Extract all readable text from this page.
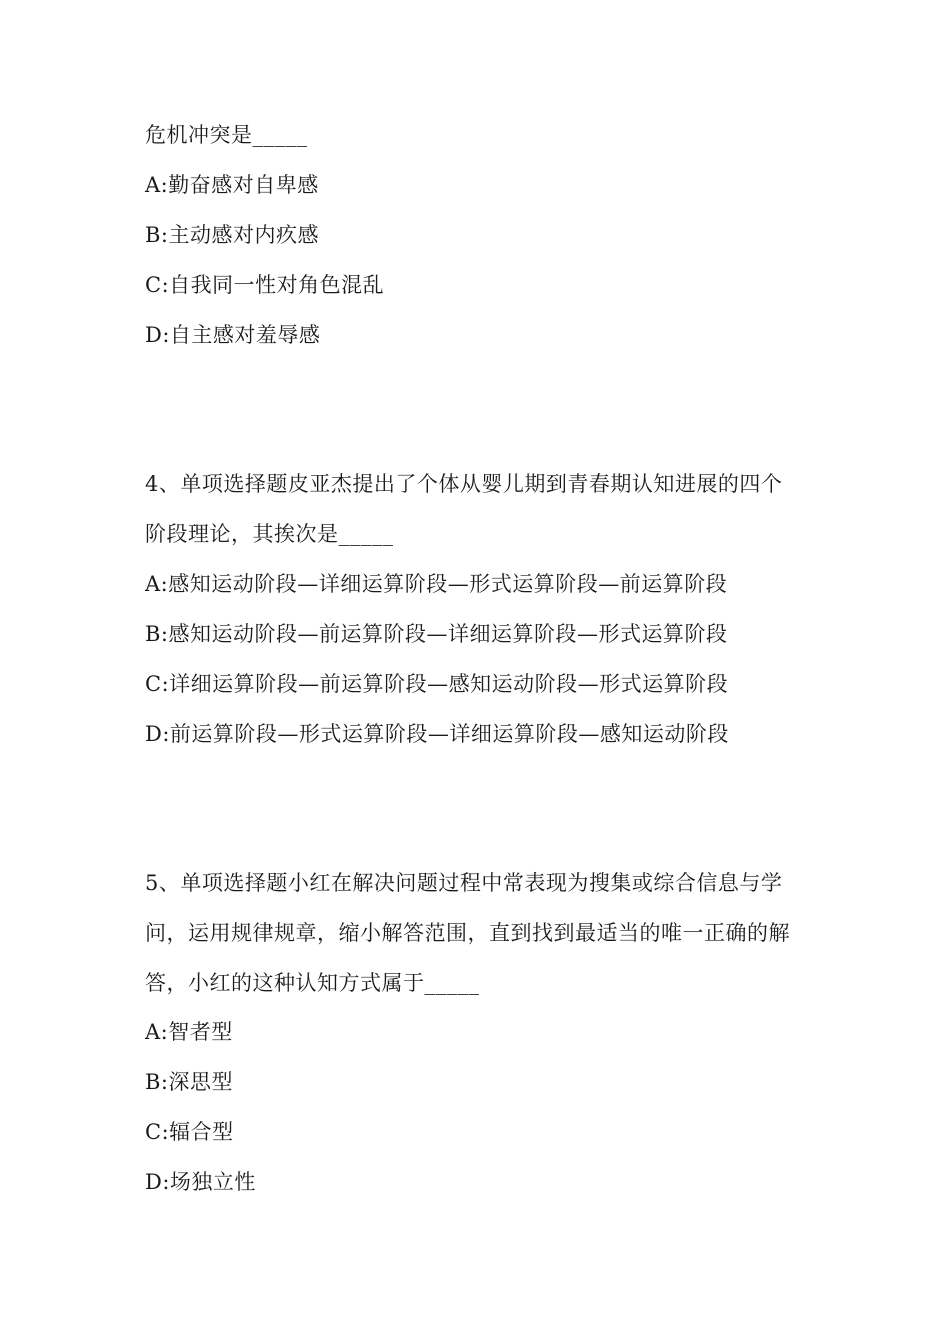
危机冲突是_____
A:勤奋感对自卑感
B:主动感对内疚感
C:自我同一性对角色混乱
D:自主感对羞辱感
4、单项选择题皮亚杰提出了个体从婴儿期到青春期认知进展的四个
阶段理论，其挨次是_____
A:感知运动阶段—详细运算阶段—形式运算阶段—前运算阶段
B:感知运动阶段—前运算阶段—详细运算阶段—形式运算阶段
C:详细运算阶段—前运算阶段—感知运动阶段—形式运算阶段
D:前运算阶段—形式运算阶段—详细运算阶段—感知运动阶段
5、单项选择题小红在解决问题过程中常表现为搜集或综合信息与学
问，运用规律规章，缩小解答范围，直到找到最适当的唯一正确的解
答，小红的这种认知方式属于_____
A:智者型
B:深思型
C:辐合型
D:场独立性
